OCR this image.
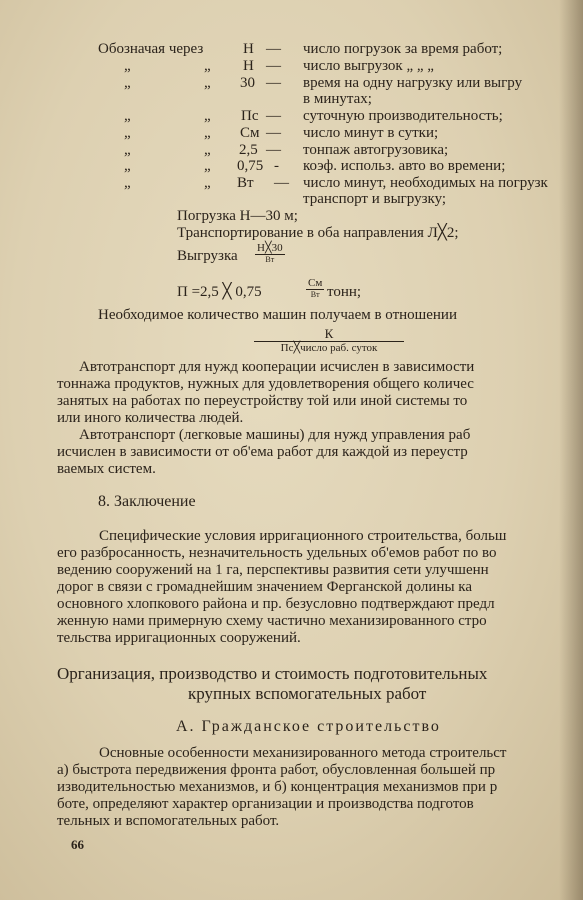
Обозначая через	Н — число погрузок за время работ;
„	„ Н — число выгрузок „ „ „
„	„ 30 — время на одну нагрузку или выгру
в минутах;
„	„ Пс — суточную производительность;
„	„ См — число минут в сутки;
„	„ 2,5 — тонпаж автогрузовика;
„	„ 0,75 - коэф. использ. авто во времени;
„	„ Вт — число минут, необходимых на погрузк
транспорт и выгрузку;
Погрузка Н—30 м;
Транспортирование в оба направления Л╳2;
Выгрузка Н╳30
Вт
П =2,5 ╳ 0,75
См
Вт тонн;
Необходимое количество машин получаем в отношении
К
Пс╳число раб. суток
Автотранспорт для нужд кооперации исчислен в зависимости
тоннажа продуктов, нужных для удовлетворения общего количес
занятых на работах по переустройству той или иной системы то
или иного количества людей.
Автотранспорт (легковые машины) для нужд управления раб
исчислен в зависимости от об'ема работ для каждой из переустр
ваемых систем.
8. Заключение
Специфические условия ирригационного строительства, больш
его разбросанность, незначительность удельных об'емов работ по во
ведению сооружений на 1 га, перспективы развития сети улучшенн
дорог в связи с громаднейшим значением Ферганской долины ка
основного хлопкового района и пр. безусловно подтверждают предл
женную нами примерную схему частично механизированного стро
тельства ирригационных сооружений.
Организация, производство и стоимость подготовительных
крупных вспомогательных работ
А. Гражданское строительство
Основные особенности механизированного метода строительст
а) быстрота передвижения фронта работ, обусловленная большей пр
изводительностью механизмов, и б) концентрация механизмов при р
боте, определяют характер организации и производства подготов
тельных и вспомогательных работ.
66
